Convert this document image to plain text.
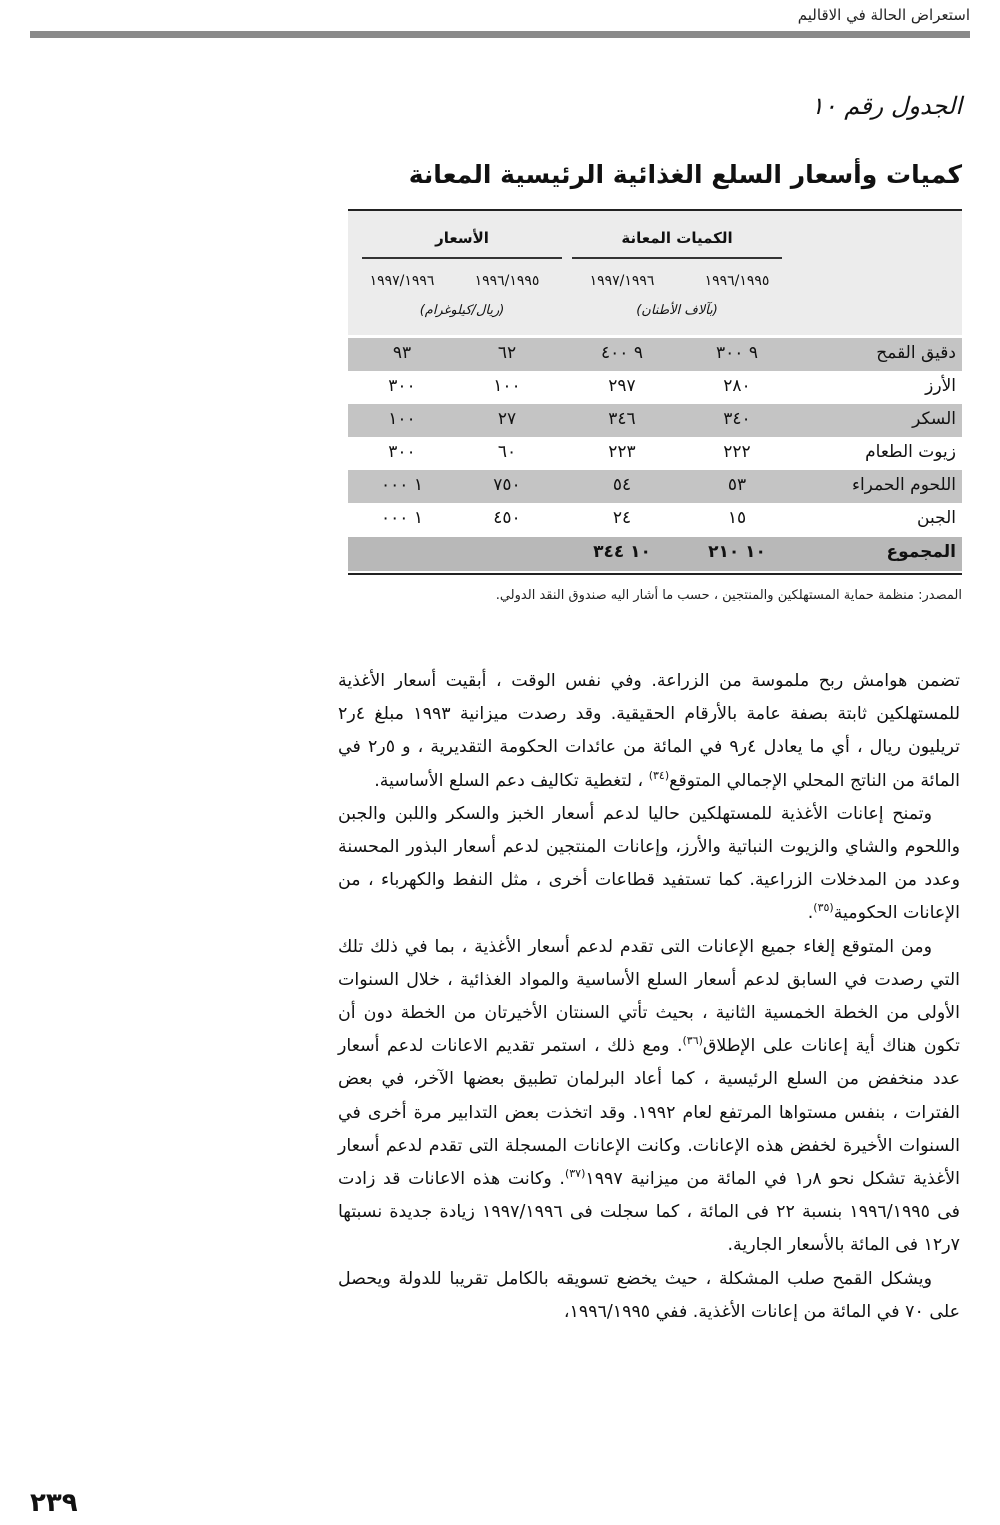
استعراض الحالة في الاقاليم
الجدول رقم ١٠
كميات وأسعار السلع الغذائية الرئيسية المعانة
الكميات المعانة
الأسعار
١٩٩٦/١٩٩٥
١٩٩٧/١٩٩٦
١٩٩٦/١٩٩٥
١٩٩٧/١٩٩٦
(بآلاف الأطنان)
(ريال/كيلوغرام)
دقيق القمح
٩ ٣٠٠
٩ ٤٠٠
٦٢
٩٣
الأرز
٢٨٠
٢٩٧
١٠٠
٣٠٠
السكر
٣٤٠
٣٤٦
٢٧
١٠٠
زيوت الطعام
٢٢٢
٢٢٣
٦٠
٣٠٠
اللحوم الحمراء
٥٣
٥٤
٧٥٠
١ ٠٠٠
الجبن
١٥
٢٤
٤٥٠
١ ٠٠٠
المجموع
١٠ ٢١٠
١٠ ٣٤٤
المصدر: منظمة حماية المستهلكين والمنتجين ، حسب ما أشار اليه صندوق النقد الدولي.

تضمن هوامش ربح ملموسة من الزراعة. وفي نفس الوقت ، أبقيت أسعار الأغذية للمستهلكين ثابتة بصفة عامة بالأرقام الحقيقية. وقد رصدت ميزانية ١٩٩٣ مبلغ ٤ر٢ تريليون ريال ، أي ما يعادل ٤ر٩ في المائة من عائدات الحكومة التقديرية ، و ٥ر٢ في المائة من الناتج المحلي الإجمالي المتوقع$^{(٣٤)}$ ، لتغطية تكاليف دعم السلع الأساسية.

وتمنح إعانات الأغذية للمستهلكين حاليا لدعم أسعار الخبز والسكر واللبن والجبن واللحوم والشاي والزيوت النباتية والأرز، وإعانات المنتجين لدعم أسعار البذور المحسنة وعدد من المدخلات الزراعية. كما تستفيد قطاعات أخرى ، مثل النفط والكهرباء ، من الإعانات الحكومية$^{(٣٥)}$.

ومن المتوقع إلغاء جميع الإعانات التى تقدم لدعم أسعار الأغذية ، بما في ذلك تلك التي رصدت في السابق لدعم أسعار السلع الأساسية والمواد الغذائية ، خلال السنوات الأولى من الخطة الخمسية الثانية ، بحيث تأتي السنتان الأخيرتان من الخطة دون أن تكون هناك أية إعانات على الإطلاق$^{(٣٦)}$. ومع ذلك ، استمر تقديم الاعانات لدعم أسعار عدد منخفض من السلع الرئيسية ، كما أعاد البرلمان تطبيق بعضها الآخر، في بعض الفترات ، بنفس مستواها المرتفع لعام ١٩٩٢. وقد اتخذت بعض التدابير مرة أخرى في السنوات الأخيرة لخفض هذه الإعانات. وكانت الإعانات المسجلة التى تقدم لدعم أسعار الأغذية تشكل نحو ٨ر١ في المائة من ميزانية ١٩٩٧$^{(٣٧)}$. وكانت هذه الاعانات قد زادت فى ١٩٩٦/١٩٩٥ بنسبة ٢٢ فى المائة ، كما سجلت فى ١٩٩٧/١٩٩٦ زيادة جديدة نسبتها ٧ر١٢ فى المائة بالأسعار الجارية.

ويشكل القمح صلب المشكلة ، حيث يخضع تسويقه بالكامل تقريبا للدولة ويحصل على ٧٠ في المائة من إعانات الأغذية. ففي ١٩٩٦/١٩٩٥،

٢٣٩
